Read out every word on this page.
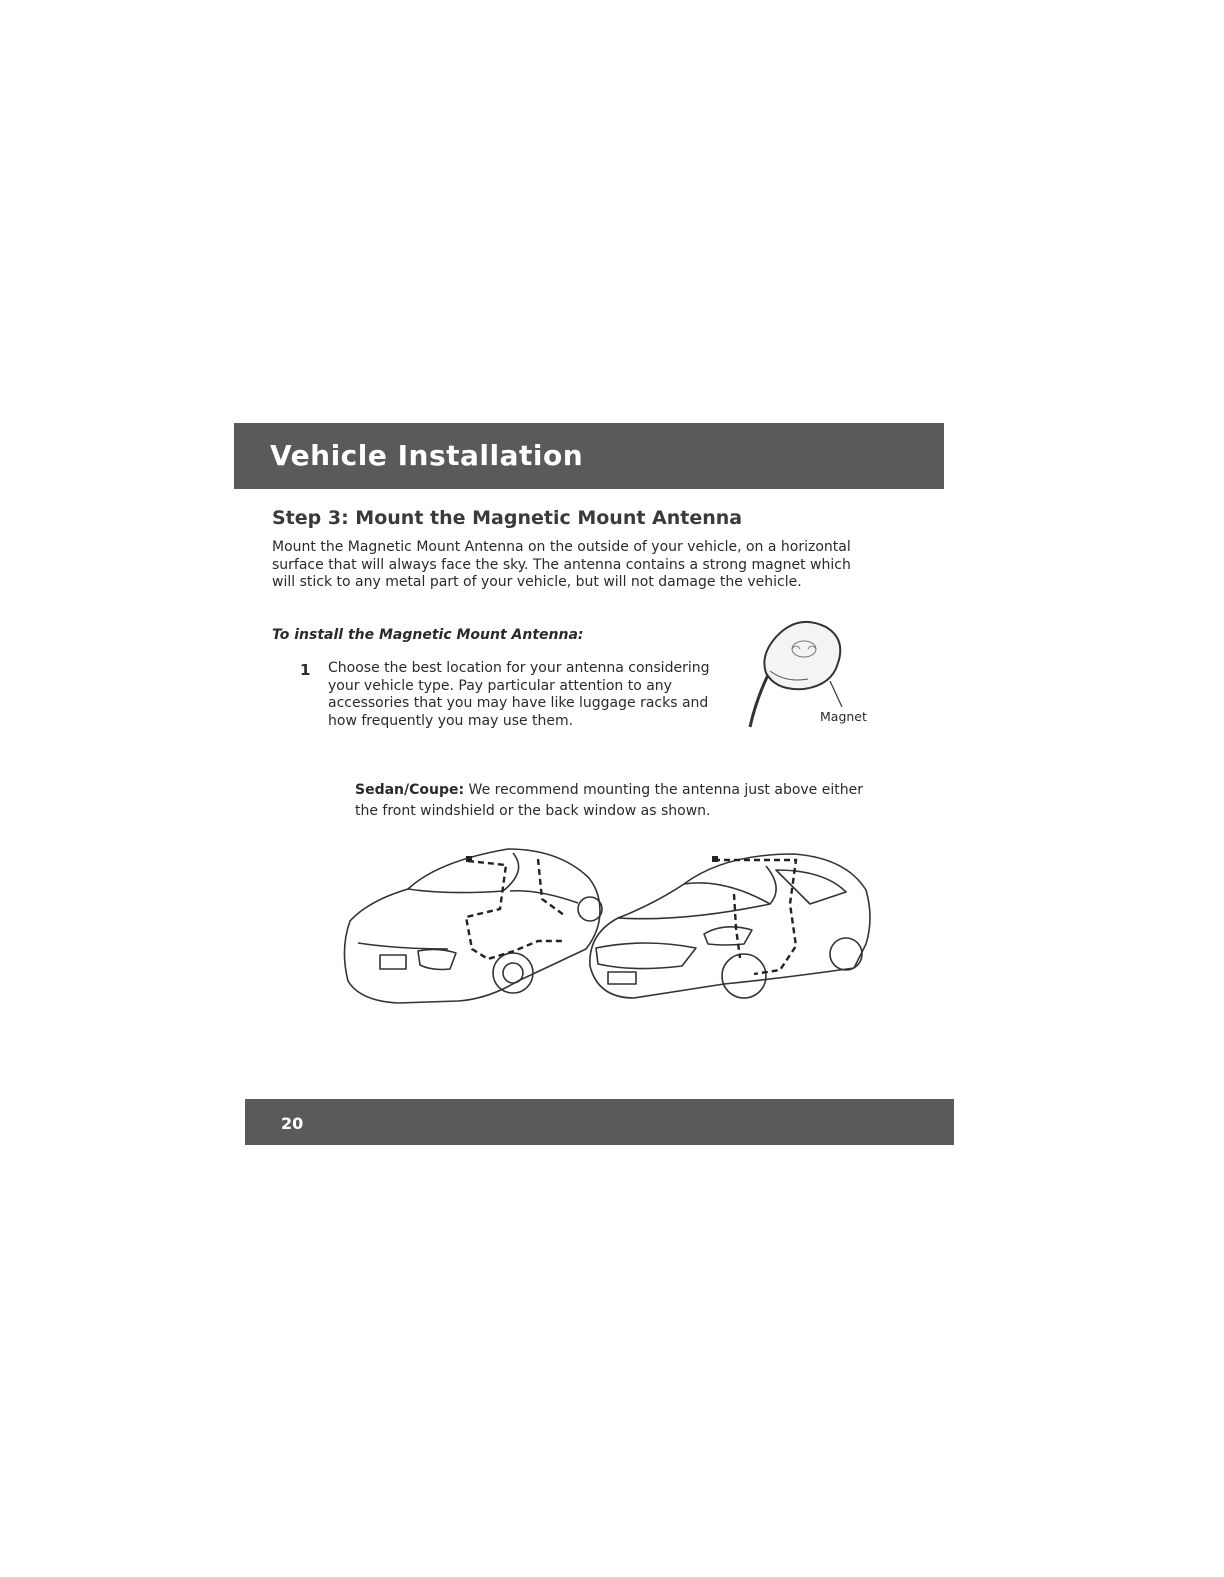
Vehicle Installation
Step 3: Mount the Magnetic Mount Antenna
Mount the Magnetic Mount Antenna on the outside of your vehicle, on a horizontal surface that will always face the sky. The antenna contains a strong magnet which will stick to any metal part of your vehicle, but will not damage the vehicle.
To install the Magnetic Mount Antenna:
1 Choose the best location for your antenna considering your vehicle type. Pay particular attention to any accessories that you may have like luggage racks and how frequently you may use them.	Magnet
Sedan/Coupe: We recommend mounting the antenna just above either the front windshield or the back window as shown.
20
